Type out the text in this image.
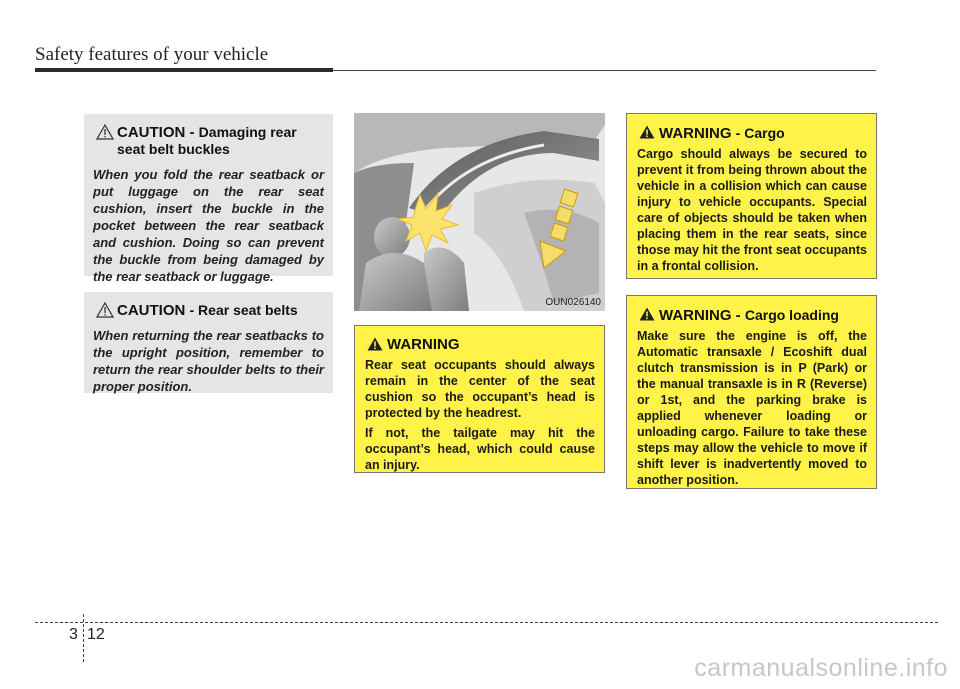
Safety features of your vehicle
CAUTION - Damaging rear seat belt buckles
When you fold the rear seatback or put luggage on the rear seat cushion, insert the buckle in the pocket between the rear seatback and cushion. Doing so can prevent the buckle from being damaged by the rear seatback or luggage.
CAUTION - Rear seat belts
When returning the rear seatbacks to the upright position, remember to return the rear shoulder belts to their proper position.
OUN026140
WARNING

Rear seat occupants should always remain in the center of the seat cushion so the occupant’s head is protected by the headrest.

If not, the tailgate may hit the occupant’s head, which could cause an injury.

WARNING - Cargo
Cargo should always be secured to prevent it from being thrown about the vehicle in a collision which can cause injury to vehicle occupants. Special care of objects should be taken when placing them in the rear seats, since those may hit the front seat occupants in a frontal collision.
WARNING - Cargo loading
Make sure the engine is off, the Automatic transaxle / Ecoshift dual clutch transmission is in P (Park) or the manual transaxle is in R (Reverse) or 1st, and the parking brake is applied whenever loading or unloading cargo. Failure to take these steps may allow the vehicle to move if shift lever is inadvertently moved to another position.
3 12
carmanualsonline.info
